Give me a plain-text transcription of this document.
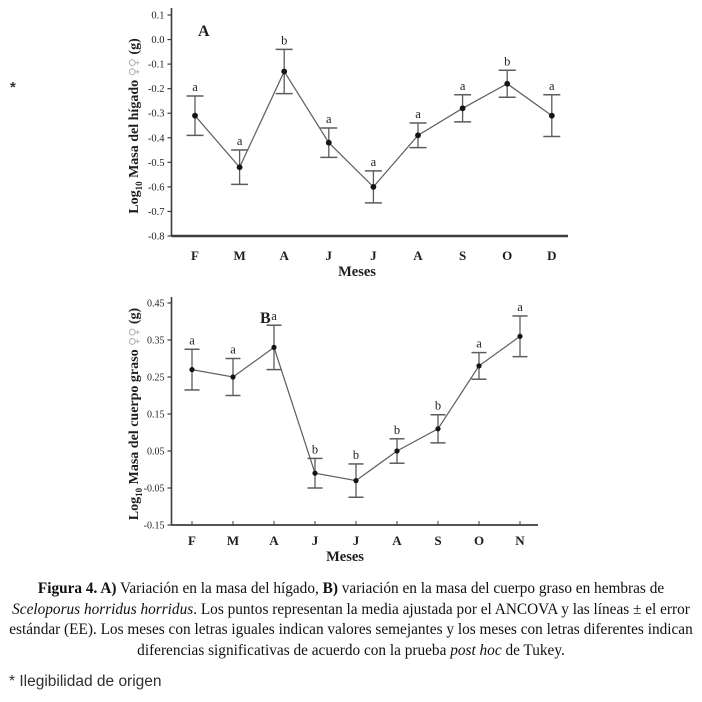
*
0.1
0.0
-0.1
-0.2
-0.3
-0.4
-0.5
-0.6
-0.7
-0.8
a
a
b
a
a
a
a
b
a
F	M	A	J	J	A	S	O	D
Meses
Log$_{10}$ Masa del hígado ♀♀ (g)
A
0.45
0.35
0.25
0.15
0.05
-0.05
-0.15
a
a
a
b	b
b
b
a
a
F M A	J	J	A	S O N
Meses
Log$_{10}$ Masa del cuerpo graso ♀♀ (g)	B

Figura 4. A) Variación en la masa del hígado, B) variación en la masa del cuerpo graso en hembras de Sceloporus horridus horridus. Los puntos representan la media ajustada por el ANCOVA y las líneas ± el error estándar (EE). Los meses con letras iguales indican valores semejantes y los meses con letras diferentes indican diferencias significativas de acuerdo con la prueba post hoc de Tukey.

* Ilegibilidad de origen
